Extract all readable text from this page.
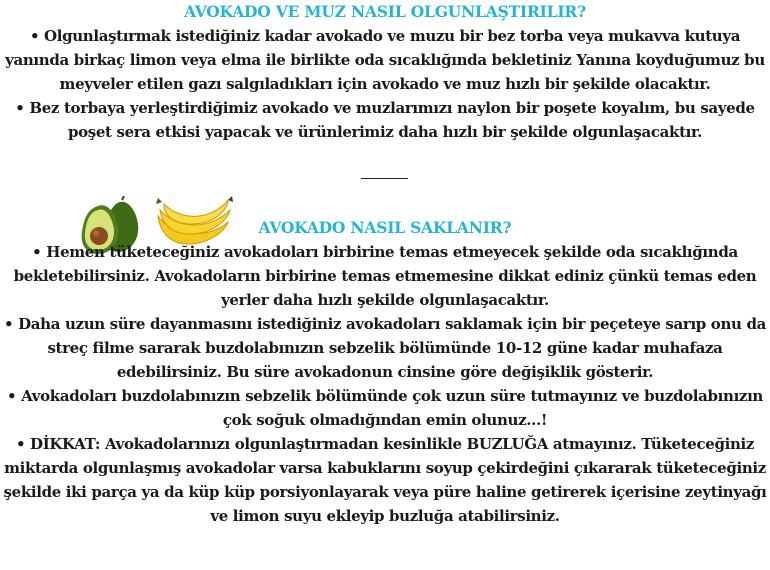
AVOKADO VE MUZ NASIL OLGUNLAŞTIRILIR?

• Olgunlaştırmak istediğiniz kadar avokado ve muzu bir bez torba veya mukavva kutuya yanında birkaç limon veya elma ile birlikte oda sıcaklığında bekletiniz Yanına koyduğumuz bu meyveler etilen gazı salgıladıkları için avokado ve muz hızlı bir şekilde olacaktır.

• Bez torbaya yerleştirdiğimiz avokado ve muzlarımızı naylon bir poşete koyalım, bu sayede poşet sera etkisi yapacak ve ürünlerimiz daha hızlı bir şekilde olgunlaşacaktır.

AVOKADO NASIL SAKLANIR?

• Hemen tüketeceğiniz avokadoları birbirine temas etmeyecek şekilde oda sıcaklığında bekletebilirsiniz. Avokadoların birbirine temas etmemesine dikkat ediniz çünkü temas eden yerler daha hızlı şekilde olgunlaşacaktır.

• Daha uzun süre dayanmasını istediğiniz avokadoları saklamak için bir peçeteye sarıp onu da streç filme sararak buzdolabınızın sebzelik bölümünde 10-12 güne kadar muhafaza edebilirsiniz. Bu süre avokadonun cinsine göre değişiklik gösterir.

• Avokadoları buzdolabınızın sebzelik bölümünde çok uzun süre tutmayınız ve buzdolabınızın çok soğuk olmadığından emin olunuz...!

• DİKKAT: Avokadolarınızı olgunlaştırmadan kesinlikle BUZLUĞA atmayınız. Tüketeceğiniz miktarda olgunlaşmış avokadolar varsa kabuklarını soyup çekirdeğini çıkararak tüketeceğiniz şekilde iki parça ya da küp küp porsiyonlayarak veya püre haline getirerek içerisine zeytinyağı ve limon suyu ekleyip buzluğa atabilirsiniz.
